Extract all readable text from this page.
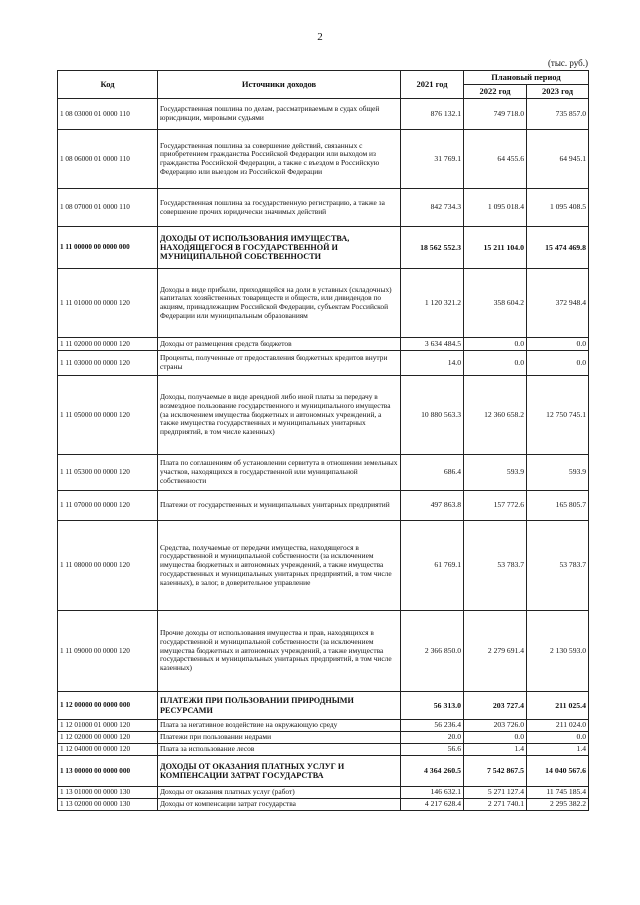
2
(тыс. руб.)
Код	Источники доходов	2021 год	Плановый период	
			2022 год	2023 год
1 08 03000 01 0000 110	Государственная пошлина по делам, рассматриваемым в судах общей юрисдикции, мировыми судьями	876 132.1	749 718.0	735 857.0
1 08 06000 01 0000 110	Государственная пошлина за совершение действий, связанных с приобретением гражданства Российской Федерации или выходом из гражданства Российской Федерации, а также с въездом в Российскую Федерацию или выездом из Российской Федерации	31 769.1	64 455.6	64 945.1
1 08 07000 01 0000 110	Государственная пошлина за государственную регистрацию, а также за совершение прочих юридически значимых действий	842 734.3	1 095 018.4	1 095 408.5
1 11 00000 00 0000 000	ДОХОДЫ ОТ ИСПОЛЬЗОВАНИЯ ИМУЩЕСТВА, НАХОДЯЩЕГОСЯ В ГОСУДАРСТВЕННОЙ И МУНИЦИПАЛЬНОЙ СОБСТВЕННОСТИ	18 562 552.3	15 211 104.0	15 474 469.8
1 11 01000 00 0000 120	Доходы в виде прибыли, приходящейся на доли в уставных (складочных) капиталах хозяйственных товариществ и обществ, или дивидендов по акциям, принадлежащим Российской Федерации, субъектам Российской Федерации или муниципальным образованиям	1 120 321.2	358 604.2	372 948.4
1 11 02000 00 0000 120	Доходы от размещения средств бюджетов	3 634 484.5	0.0	0.0
1 11 03000 00 0000 120	Проценты, полученные от предоставления бюджетных кредитов внутри страны	14.0	0.0	0.0
1 11 05000 00 0000 120	Доходы, получаемые в виде арендной либо иной платы за передачу в возмездное пользование государственного и муниципального имущества (за исключением имущества бюджетных и автономных учреждений, а также имущества государственных и муниципальных унитарных предприятий, в том числе казенных)	10 880 563.3	12 360 658.2	12 750 745.1
1 11 05300 00 0000 120	Плата по соглашениям об установлении сервитута в отношении земельных участков, находящихся в государственной или муниципальной собственности	686.4	593.9	593.9
1 11 07000 00 0000 120	Платежи от государственных и муниципальных унитарных предприятий	497 863.8	157 772.6	165 805.7
1 11 08000 00 0000 120	Средства, получаемые от передачи имущества, находящегося в государственной и муниципальной собственности (за исключением имущества бюджетных и автономных учреждений, а также имущества государственных и муниципальных унитарных предприятий, в том числе казенных), в залог, в доверительное управление	61 769.1	53 783.7	53 783.7
1 11 09000 00 0000 120	Прочие доходы от использования имущества и прав, находящихся в государственной и муниципальной собственности (за исключением имущества бюджетных и автономных учреждений, а также имущества государственных и муниципальных унитарных предприятий, в том числе казенных)	2 366 850.0	2 279 691.4	2 130 593.0
1 12 00000 00 0000 000	ПЛАТЕЖИ ПРИ ПОЛЬЗОВАНИИ ПРИРОДНЫМИ РЕСУРСАМИ	56 313.0	203 727.4	211 025.4
1 12 01000 01 0000 120	Плата за негативное воздействие на окружающую среду	56 236.4	203 726.0	211 024.0
1 12 02000 00 0000 120	Платежи при пользовании недрами	20.0	0.0	0.0
1 12 04000 00 0000 120	Плата за использование лесов	56.6	1.4	1.4
1 13 00000 00 0000 000	ДОХОДЫ ОТ ОКАЗАНИЯ ПЛАТНЫХ УСЛУГ И КОМПЕНСАЦИИ ЗАТРАТ ГОСУДАРСТВА	4 364 260.5	7 542 867.5	14 040 567.6
1 13 01000 00 0000 130	Доходы от оказания платных услуг (работ)	146 632.1	5 271 127.4	11 745 185.4
1 13 02000 00 0000 130	Доходы от компенсации затрат государства	4 217 628.4	2 271 740.1	2 295 382.2
